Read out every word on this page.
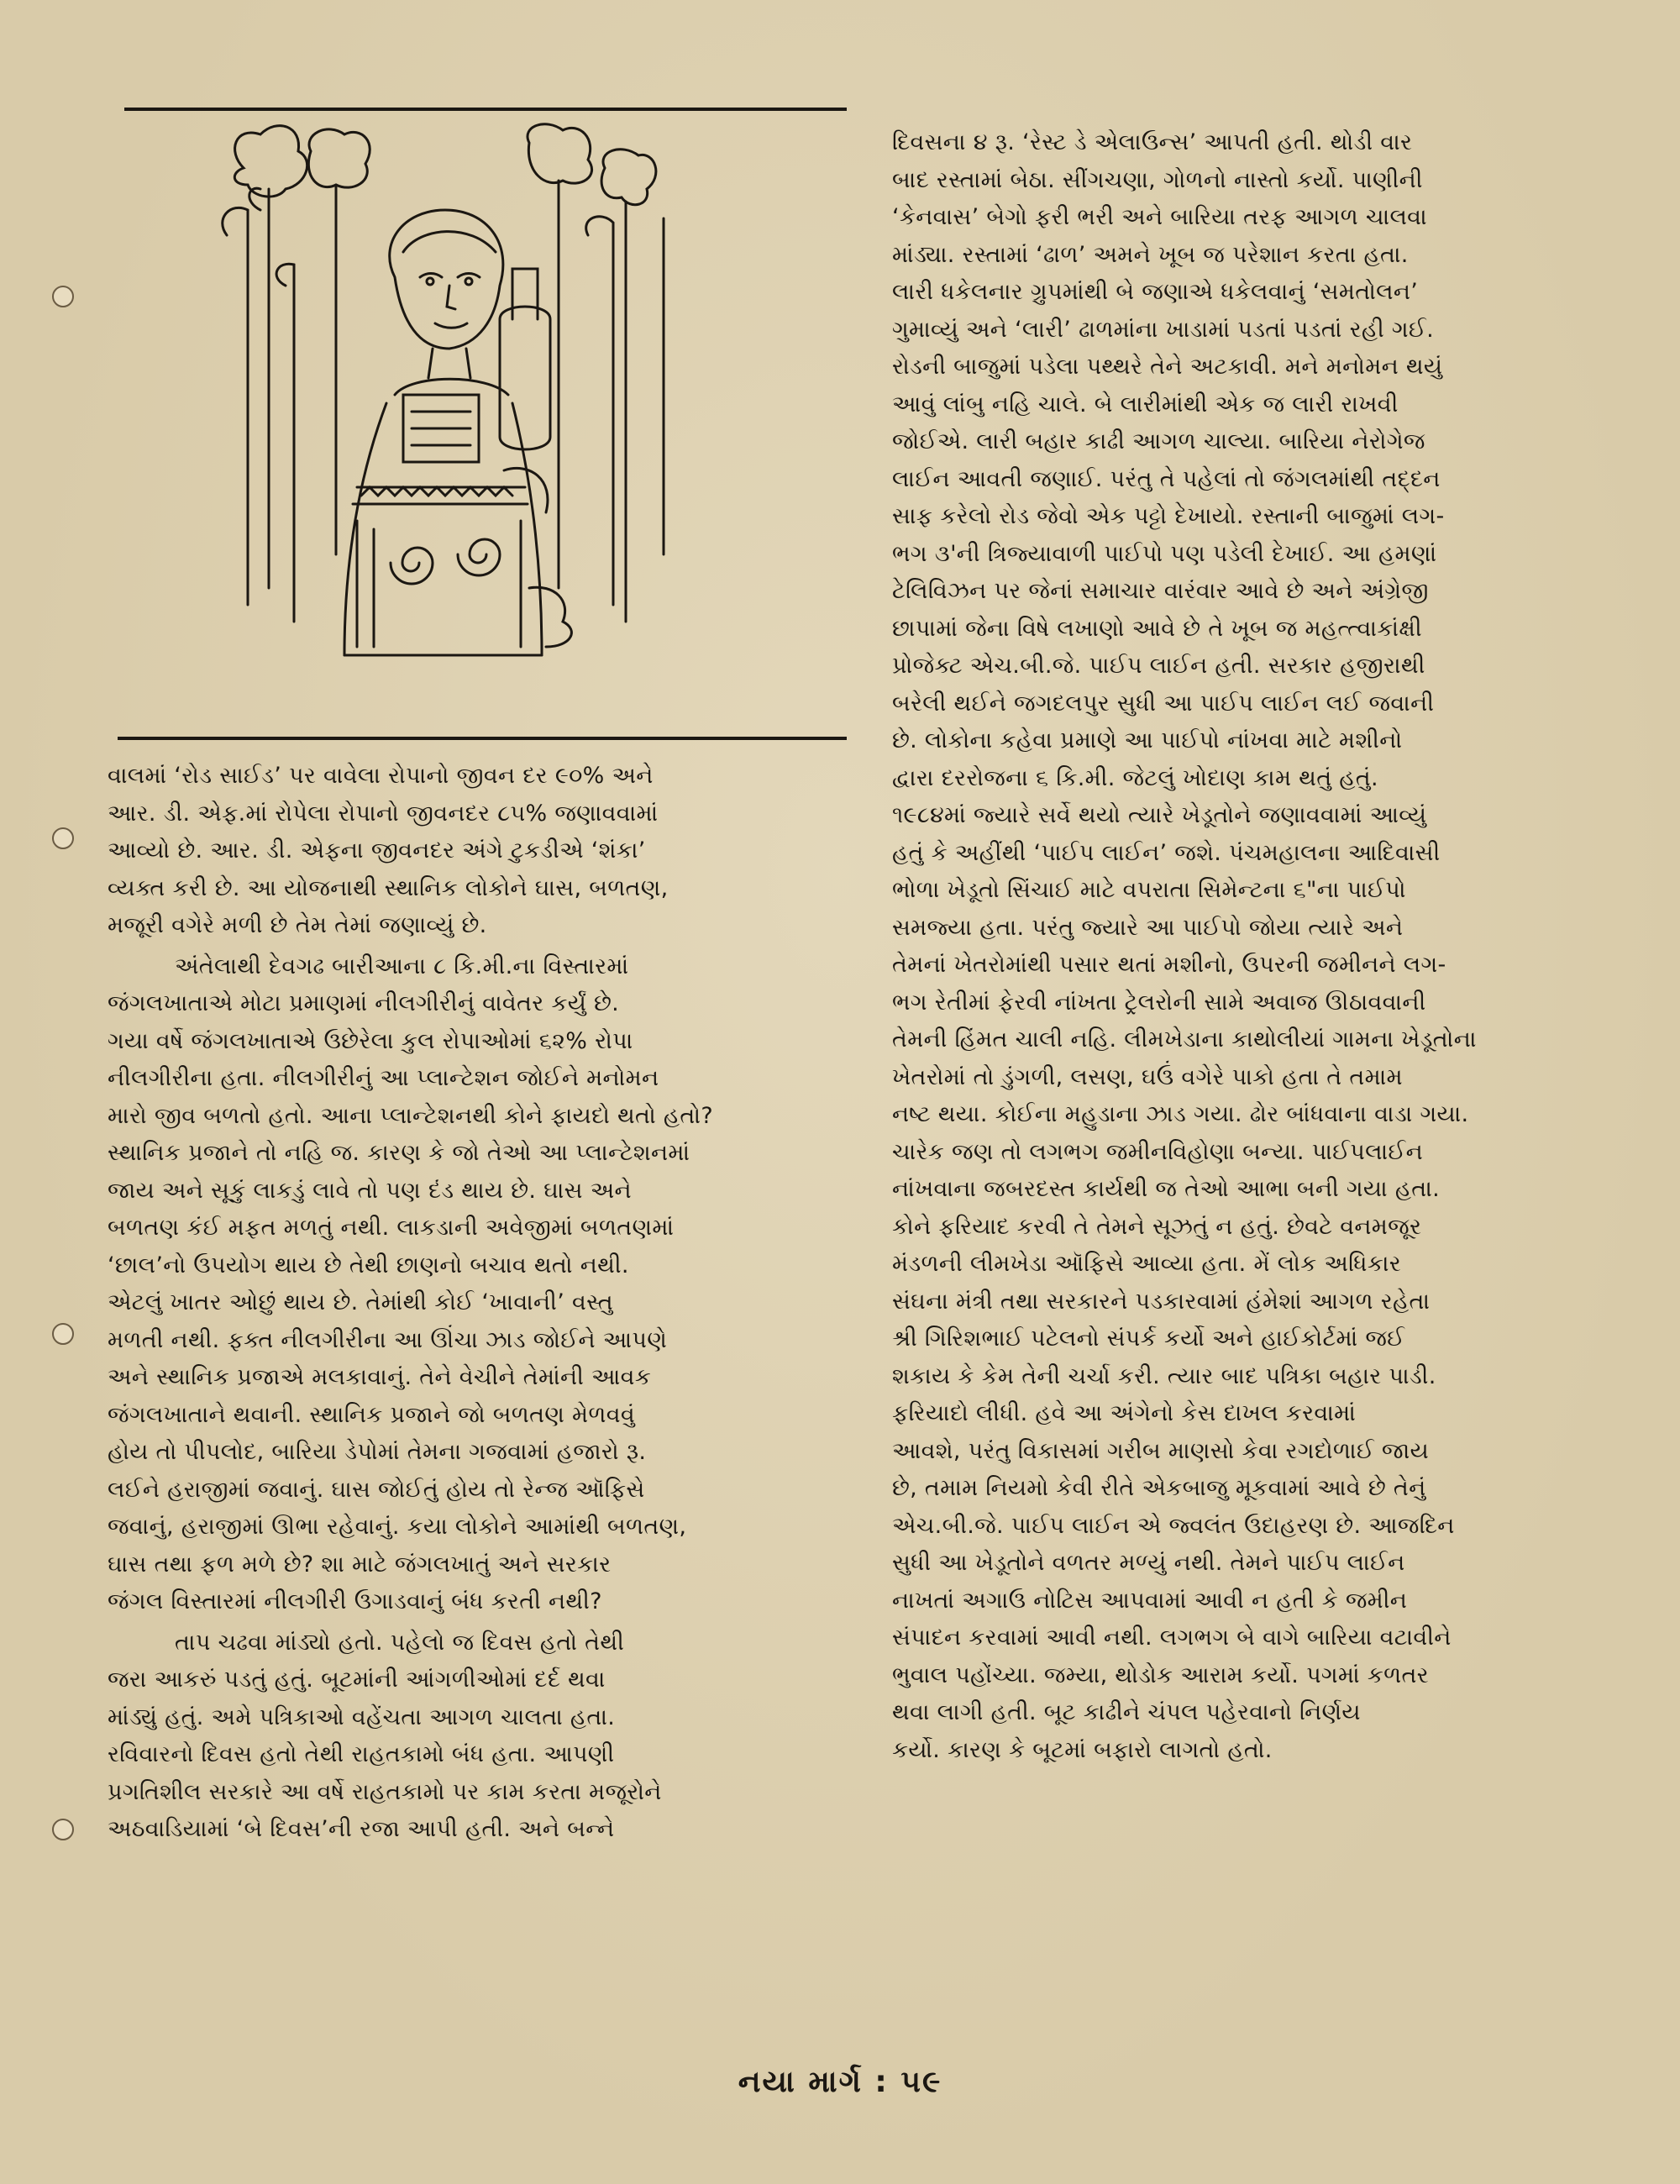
વાલમાં ‘રોડ સાઈડ’ પર વાવેલા રોપાનો જીવન દર ૯૦% અને
આર. ડી. એફ.માં રોપેલા રોપાનો જીવનદર ૮૫% જણાવવામાં
આવ્યો છે. આર. ડી. એફના જીવનદર અંગે ટુકડીએ ‘શંકા’
વ્યક્ત કરી છે. આ યોજનાથી સ્થાનિક લોકોને ઘાસ, બળતણ,
મજૂરી વગેરે મળી છે તેમ તેમાં જણાવ્યું છે.
અંતેલાથી દેવગઢ બારીઆના ૮ કિ.મી.ના વિસ્તારમાં
જંગલખાતાએ મોટા પ્રમાણમાં નીલગીરીનું વાવેતર કર્યું છે.
ગયા વર્ષે જંગલખાતાએ ઉછેરેલા કુલ રોપાઓમાં ૬૨% રોપા
નીલગીરીના હતા. નીલગીરીનું આ પ્લાન્ટેશન જોઈને મનોમન
મારો જીવ બળતો હતો. આના પ્લાન્ટેશનથી કોને ફાયદો થતો હતો?
સ્થાનિક પ્રજાને તો નહિ જ. કારણ કે જો તેઓ આ પ્લાન્ટેશનમાં
જાય અને સૂકું લાકડું લાવે તો પણ દંડ થાય છે. ઘાસ અને
બળતણ કંઈ મફત મળતું નથી. લાકડાની અવેજીમાં બળતણમાં
‘છાલ’નો ઉપયોગ થાય છે તેથી છાણનો બચાવ થતો નથી.
એટલું ખાતર ઓછું થાય છે. તેમાંથી કોઈ ‘ખાવાની’ વસ્તુ
મળતી નથી. ફક્ત નીલગીરીના આ ઊંચા ઝાડ જોઈને આપણે
અને સ્થાનિક પ્રજાએ મલકાવાનું. તેને વેચીને તેમાંની આવક
જંગલખાતાને થવાની. સ્થાનિક પ્રજાને જો બળતણ મેળવવું
હોય તો પીપલોદ, બારિયા ડેપોમાં તેમના ગજવામાં હજારો રૂ.
લઈને હરાજીમાં જવાનું. ઘાસ જોઈતું હોય તો રેન્જ ઑફિસે
જવાનું, હરાજીમાં ઊભા રહેવાનું. કયા લોકોને આમાંથી બળતણ,
ઘાસ તથા ફળ મળે છે? શા માટે જંગલખાતું અને સરકાર
જંગલ વિસ્તારમાં નીલગીરી ઉગાડવાનું બંધ કરતી નથી?
તાપ ચઢવા માંડ્યો હતો. પહેલો જ દિવસ હતો તેથી
જરા આકરું પડતું હતું. બૂટમાંની આંગળીઓમાં દર્દ થવા
માંડ્યું હતું. અમે પત્રિકાઓ વહેંચતા આગળ ચાલતા હતા.
રવિવારનો દિવસ હતો તેથી રાહતકામો બંધ હતા. આપણી
પ્રગતિશીલ સરકારે આ વર્ષે રાહતકામો પર કામ કરતા મજૂરોને
અઠવાડિયામાં ‘બે દિવસ’ની રજા આપી હતી. અને બન્ને
દિવસના ૪ રૂ. ‘રેસ્ટ ડે એલાઉન્સ’ આપતી હતી. થોડી વાર
બાદ રસ્તામાં બેઠા. સીંગચણા, ગોળનો નાસ્તો કર્યો. પાણીની
‘કેનવાસ’ બેગો ફરી ભરી અને બારિયા તરફ આગળ ચાલવા
માંડ્યા. રસ્તામાં ‘ઢાળ’ અમને ખૂબ જ પરેશાન કરતા હતા.
લારી ધકેલનાર ગ્રુપમાંથી બે જણાએ ધકેલવાનું ‘સમતોલન’
ગુમાવ્યું અને ‘લારી’ ઢાળમાંના ખાડામાં પડતાં પડતાં રહી ગઈ.
રોડની બાજુમાં પડેલા પથ્થરે તેને અટકાવી. મને મનોમન થયું
આવું લાંબુ નહિ ચાલે. બે લારીમાંથી એક જ લારી રાખવી
જોઈએ. લારી બહાર કાઢી આગળ ચાલ્યા. બારિયા નેરોગેજ
લાઈન આવતી જણાઈ. પરંતુ તે પહેલાં તો જંગલમાંથી તદ્દન
સાફ કરેલો રોડ જેવો એક પટ્ટો દેખાયો. રસ્તાની બાજુમાં લગ-
ભગ ૩'ની ત્રિજ્યાવાળી પાઈપો પણ પડેલી દેખાઈ. આ હમણાં
ટેલિવિઝન પર જેનાં સમાચાર વારંવાર આવે છે અને અંગ્રેજી
છાપામાં જેના વિષે લખાણો આવે છે તે ખૂબ જ મહત્ત્વાકાંક્ષી
પ્રોજેક્ટ એચ.બી.જે. પાઈપ લાઈન હતી. સરકાર હજીરાથી
બરેલી થઈને જગદલપુર સુધી આ પાઈપ લાઈન લઈ જવાની
છે. લોકોના કહેવા પ્રમાણે આ પાઈપો નાંખવા માટે મશીનો
દ્વારા દરરોજના ૬ કિ.મી. જેટલું ખોદાણ કામ થતું હતું.
૧૯૮૪માં જ્યારે સર્વે થયો ત્યારે ખેડૂતોને જણાવવામાં આવ્યું
હતું કે અહીંથી ‘પાઈપ લાઈન’ જશે. પંચમહાલના આદિવાસી
ભોળા ખેડૂતો સિંચાઈ માટે વપરાતા સિમેન્ટના ૬"ના પાઈપો
સમજ્યા હતા. પરંતુ જ્યારે આ પાઈપો જોયા ત્યારે અને
તેમનાં ખેતરોમાંથી પસાર થતાં મશીનો, ઉપરની જમીનને લગ-
ભગ રેતીમાં ફેરવી નાંખતા ટ્રેલરોની સામે અવાજ ઊઠાવવાની
તેમની હિંમત ચાલી નહિ. લીમખેડાના કાથોલીયાં ગામના ખેડૂતોના
ખેતરોમાં તો ડુંગળી, લસણ, ઘઉં વગેરે પાકો હતા તે તમામ
નષ્ટ થયા. કોઈના મહુડાના ઝાડ ગયા. ઢોર બાંધવાના વાડા ગયા.
ચારેક જણ તો લગભગ જમીનવિહોણા બન્યા. પાઈપલાઈન
નાંખવાના જબરદસ્ત કાર્યથી જ તેઓ આભા બની ગયા હતા.
કોને ફરિયાદ કરવી તે તેમને સૂઝતું ન હતું. છેવટે વનમજૂર
મંડળની લીમખેડા ઑફિસે આવ્યા હતા. મેં લોક અધિકાર
સંઘના મંત્રી તથા સરકારને પડકારવામાં હંમેશાં આગળ રહેતા
શ્રી ગિરિશભાઈ પટેલનો સંપર્ક કર્યો અને હાઈકોર્ટમાં જઈ
શકાય કે કેમ તેની ચર્ચા કરી. ત્યાર બાદ પત્રિકા બહાર પાડી.
ફરિયાદો લીધી. હવે આ અંગેનો કેસ દાખલ કરવામાં
આવશે, પરંતુ વિકાસમાં ગરીબ માણસો કેવા રગદોળાઈ જાય
છે, તમામ નિયમો કેવી રીતે એકબાજુ મૂકવામાં આવે છે તેનું
એચ.બી.જે. પાઈપ લાઈન એ જ્વલંત ઉદાહરણ છે. આજદિન
સુધી આ ખેડૂતોને વળતર મળ્યું નથી. તેમને પાઈપ લાઈન
નાખતાં અગાઉ નોટિસ આપવામાં આવી ન હતી કે જમીન
સંપાદન કરવામાં આવી નથી. લગભગ બે વાગે બારિયા વટાવીને
ભુવાલ પહોંચ્યા. જમ્યા, થોડોક આરામ કર્યો. પગમાં કળતર
થવા લાગી હતી. બૂટ કાઢીને ચંપલ પહેરવાનો નિર્ણય
કર્યો. કારણ કે બૂટમાં બફારો લાગતો હતો.
નયા માર્ગ : ૫૯
